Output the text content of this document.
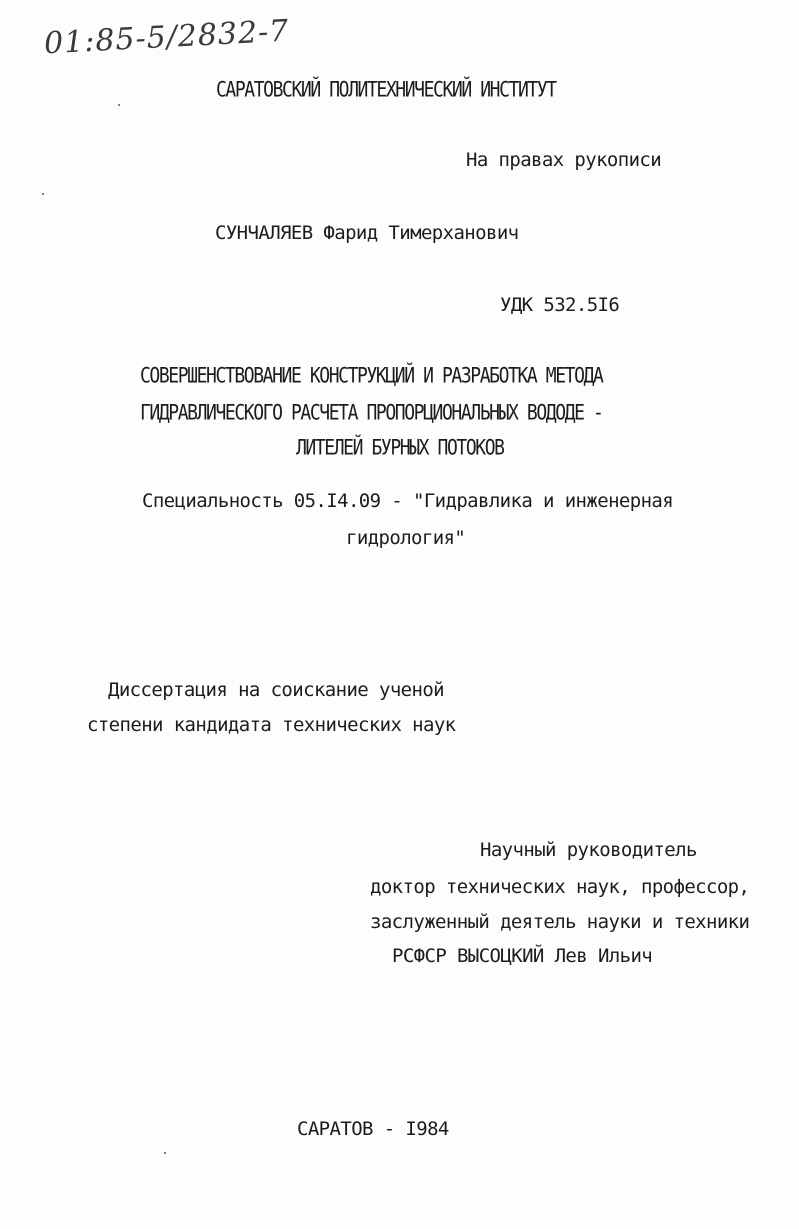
01:85-5/2832-7
САРАТОВСКИЙ ПОЛИТЕХНИЧЕСКИЙ ИНСТИТУТ
На правах рукописи
СУНЧАЛЯЕВ Фарид Тимерханович
УДК 532.5I6
СОВЕРШЕНСТВОВАНИЕ КОНСТРУКЦИЙ И РАЗРАБОТКА МЕТОДА
ГИДРАВЛИЧЕСКОГО РАСЧЕТА ПРОПОРЦИОНАЛЬНЫХ ВОДОДЕ -
ЛИТЕЛЕЙ БУРНЫХ ПОТОКОВ
Специальность 05.I4.09 - "Гидравлика и инженерная
гидрология"
Диссертация на соискание ученой
степени кандидата технических наук
Научный руководитель
доктор технических наук, профессор,
заслуженный деятель науки и техники
РСФСР ВЫСОЦКИЙ Лев Ильич
САРАТОВ - I984
